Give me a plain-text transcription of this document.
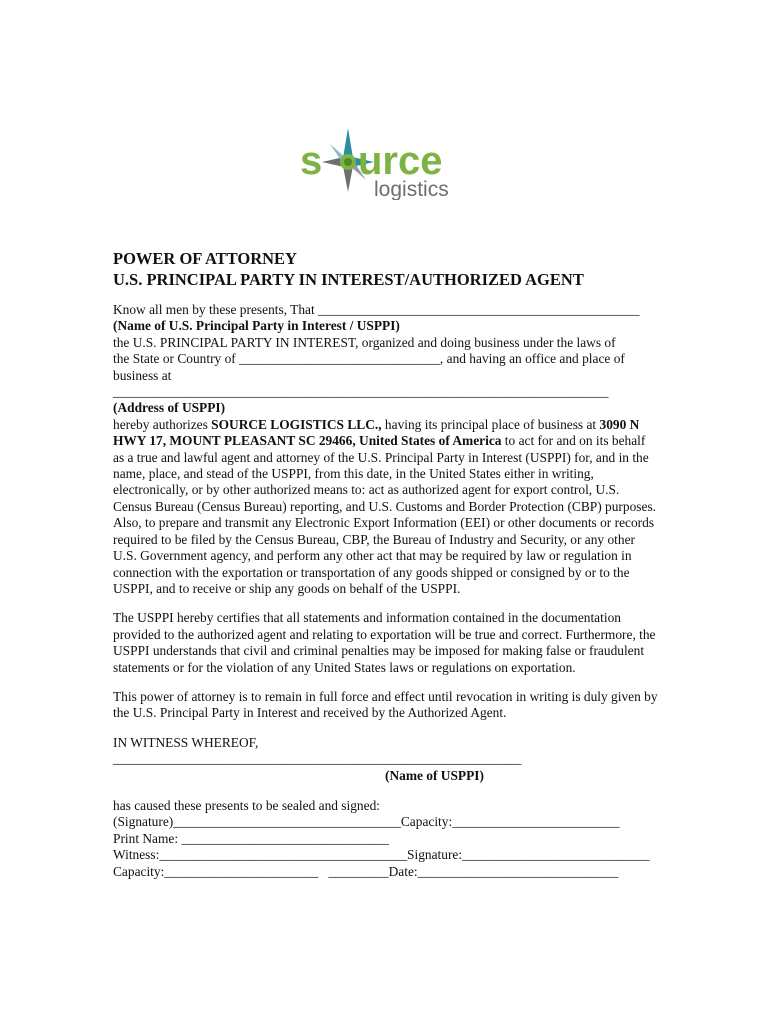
s urce
logistics

POWER OF ATTORNEY

U.S. PRINCIPAL PARTY IN INTEREST/AUTHORIZED AGENT

Know all men by these presents, That ________________________________________________

(Name of U.S. Principal Party in Interest / USPPI)

the U.S. PRINCIPAL PARTY IN INTEREST, organized and doing business under the laws of

the State or Country of ______________________________, and having an office and place of

business at

__________________________________________________________________________

(Address of USPPI)

hereby authorizes SOURCE LOGISTICS LLC., having its principal place of business at 3090 N HWY 17, MOUNT PLEASANT SC 29466, United States of America to act for and on its behalf as a true and lawful agent and attorney of the U.S. Principal Party in Interest (USPPI) for, and in the name, place, and stead of the USPPI, from this date, in the United States either in writing, electronically, or by other authorized means to: act as authorized agent for export control, U.S. Census Bureau (Census Bureau) reporting, and U.S. Customs and Border Protection (CBP) purposes. Also, to prepare and transmit any Electronic Export Information (EEI) or other documents or records required to be filed by the Census Bureau, CBP, the Bureau of Industry and Security, or any other U.S. Government agency, and perform any other act that may be required by law or regulation in connection with the exportation or transportation of any goods shipped or consigned by or to the USPPI, and to receive or ship any goods on behalf of the USPPI.

The USPPI hereby certifies that all statements and information contained in the documentation provided to the authorized agent and relating to exportation will be true and correct. Furthermore, the USPPI understands that civil and criminal penalties may be imposed for making false or fraudulent statements or for the violation of any United States laws or regulations on exportation.

This power of attorney is to remain in full force and effect until revocation in writing is duly given by the U.S. Principal Party in Interest and received by the Authorized Agent.

IN WITNESS WHEREOF,

_____________________________________________________________

(Name of USPPI)

has caused these presents to be sealed and signed:

(Signature)__________________________________Capacity:_________________________

Print Name: _______________________________

Witness:_____________________________________Signature:____________________________

Capacity:_______________________   _________Date:______________________________
